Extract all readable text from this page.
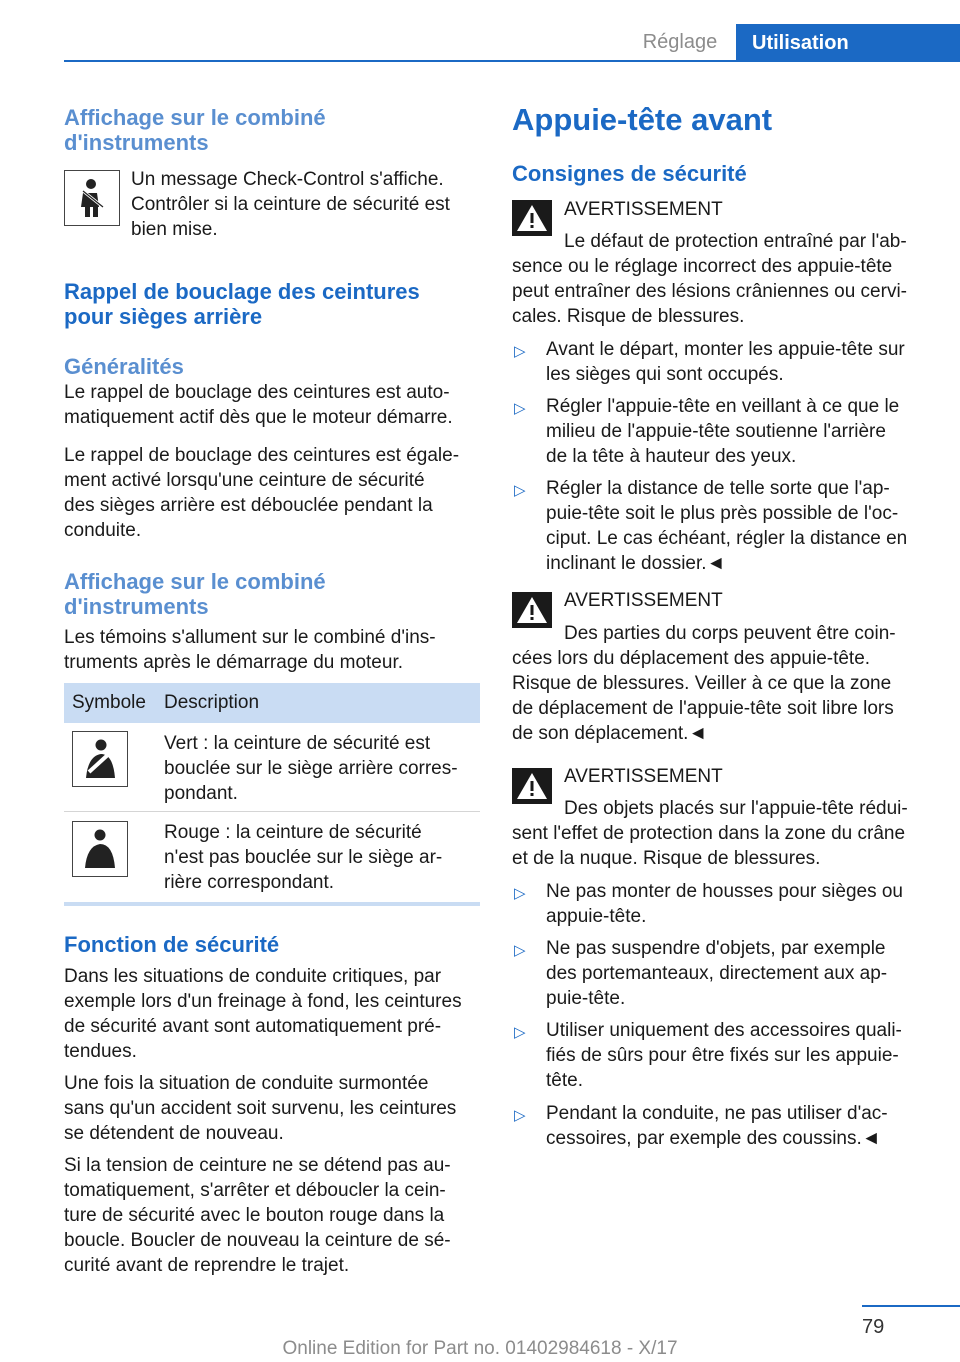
Réglage	Utilisation
Affichage sur le combiné
d'instruments
Un message Check-Control s'affiche.
Contrôler si la ceinture de sécurité est
bien mise.
Rappel de bouclage des ceintures
pour sièges arrière
Généralités
Le rappel de bouclage des ceintures est auto-
matiquement actif dès que le moteur démarre.
Le rappel de bouclage des ceintures est égale-
ment activé lorsqu'une ceinture de sécurité
des sièges arrière est débouclée pendant la
conduite.
Affichage sur le combiné
d'instruments
Les témoins s'allument sur le combiné d'ins-
truments après le démarrage du moteur.
Symbole Description
Vert : la ceinture de sécurité est
bouclée sur le siège arrière corres-
pondant.
Rouge : la ceinture de sécurité
n'est pas bouclée sur le siège ar-
rière correspondant.
Fonction de sécurité
Dans les situations de conduite critiques, par
exemple lors d'un freinage à fond, les ceintures
de sécurité avant sont automatiquement pré-
tendues.
Une fois la situation de conduite surmontée
sans qu'un accident soit survenu, les ceintures
se détendent de nouveau.
Si la tension de ceinture ne se détend pas au-
tomatiquement, s'arrêter et déboucler la cein-
ture de sécurité avec le bouton rouge dans la
boucle. Boucler de nouveau la ceinture de sé-
curité avant de reprendre le trajet.
Appuie-tête avant
Consignes de sécurité
AVERTISSEMENT
Le défaut de protection entraîné par l'ab-
sence ou le réglage incorrect des appuie-tête
peut entraîner des lésions crâniennes ou cervi-
cales. Risque de blessures.
▷ Avant le départ, monter les appuie-tête sur
les sièges qui sont occupés.
▷ Régler l'appuie-tête en veillant à ce que le
milieu de l'appuie-tête soutienne l'arrière
de la tête à hauteur des yeux.
▷ Régler la distance de telle sorte que l'ap-
puie-tête soit le plus près possible de l'oc-
ciput. Le cas échéant, régler la distance en
inclinant le dossier.◄
AVERTISSEMENT
Des parties du corps peuvent être coin-
cées lors du déplacement des appuie-tête.
Risque de blessures. Veiller à ce que la zone
de déplacement de l'appuie-tête soit libre lors
de son déplacement.◄
AVERTISSEMENT
Des objets placés sur l'appuie-tête rédui-
sent l'effet de protection dans la zone du crâne
et de la nuque. Risque de blessures.
▷ Ne pas monter de housses pour sièges ou
appuie-tête.
▷ Ne pas suspendre d'objets, par exemple
des portemanteaux, directement aux ap-
puie-tête.
▷ Utiliser uniquement des accessoires quali-
fiés de sûrs pour être fixés sur les appuie-
tête.
▷ Pendant la conduite, ne pas utiliser d'ac-
cessoires, par exemple des coussins.◄
79
Online Edition for Part no. 01402984618 - X/17
